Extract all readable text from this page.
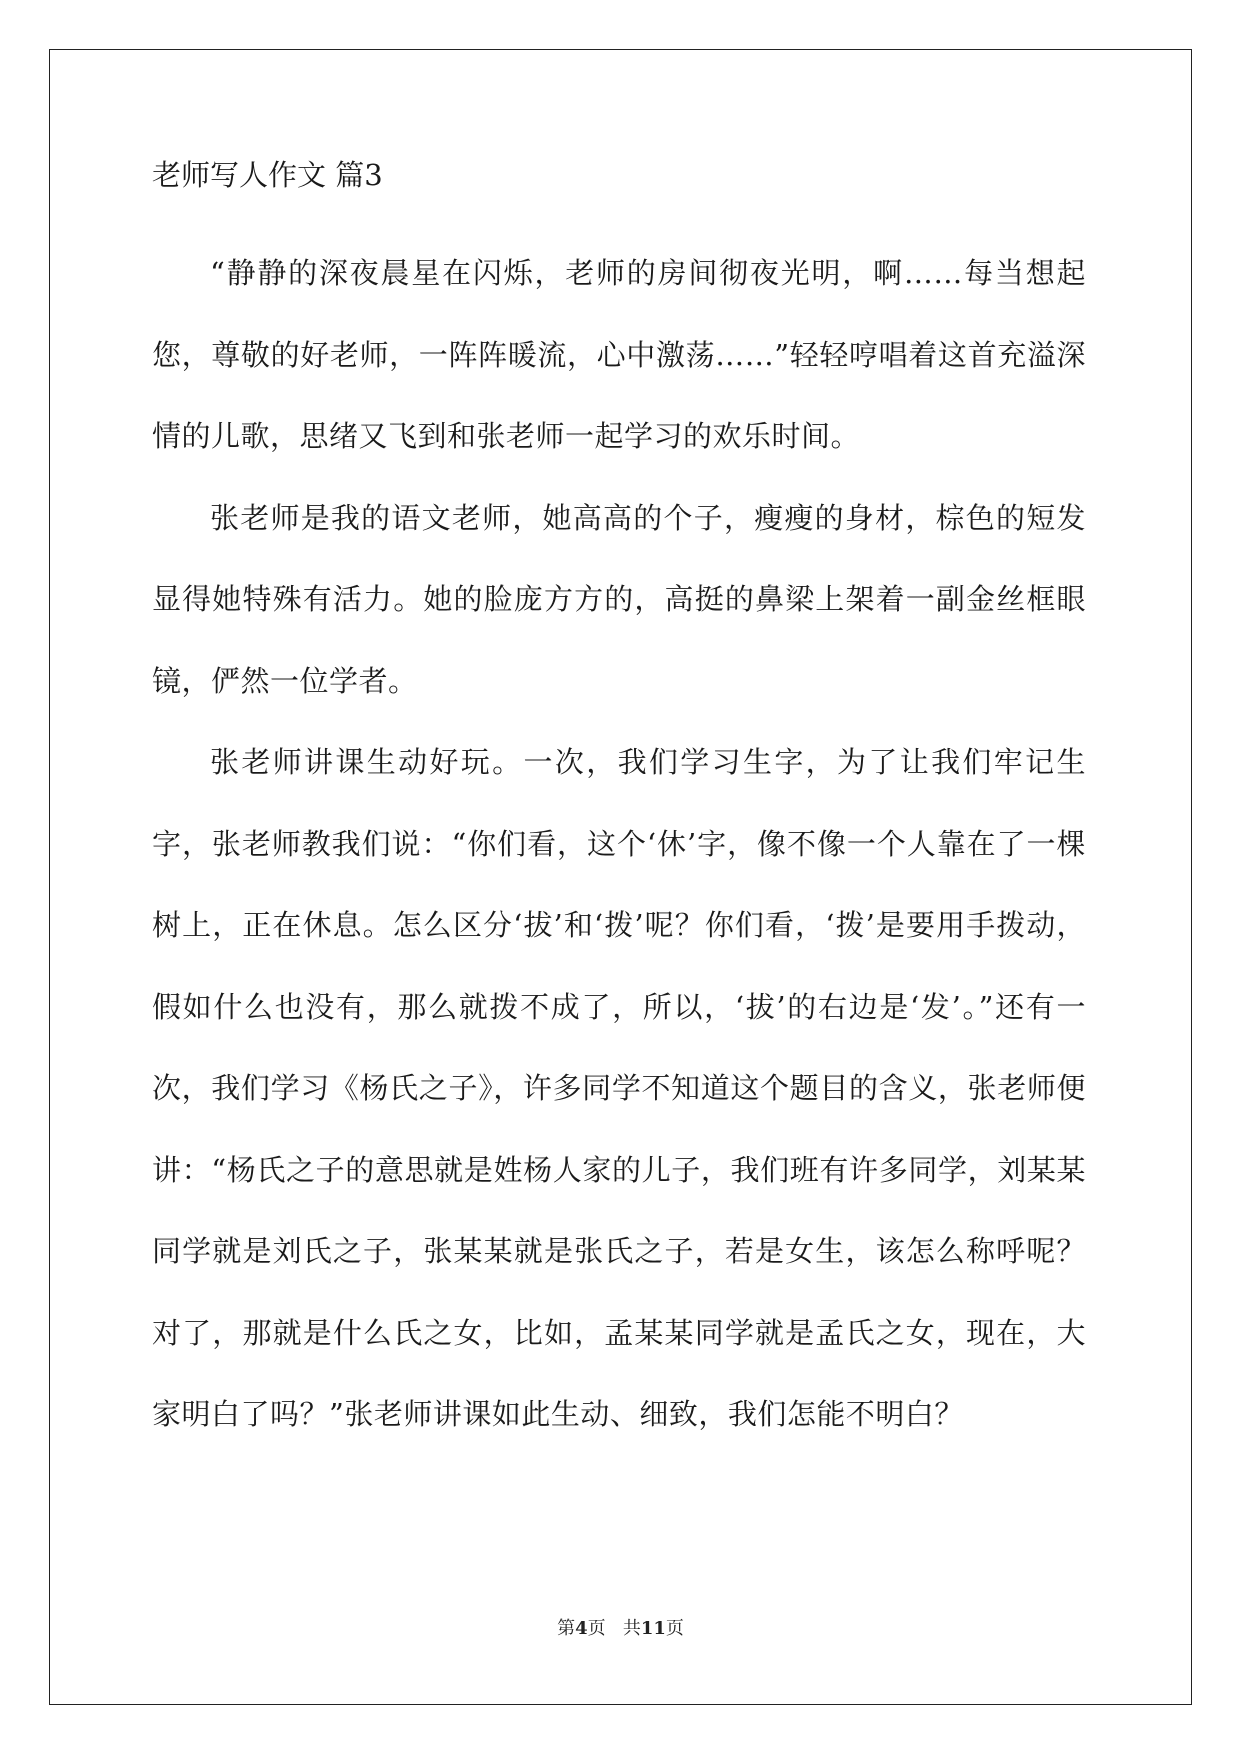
老师写人作文 篇3

“静静的深夜晨星在闪烁，老师的房间彻夜光明，啊……每当想起您，尊敬的好老师，一阵阵暖流，心中激荡……”轻轻哼唱着这首充溢深情的儿歌，思绪又飞到和张老师一起学习的欢乐时间。

张老师是我的语文老师，她高高的个子，瘦瘦的身材，棕色的短发显得她特殊有活力。她的脸庞方方的，高挺的鼻梁上架着一副金丝框眼镜，俨然一位学者。

张老师讲课生动好玩。一次，我们学习生字，为了让我们牢记生字，张老师教我们说：“你们看，这个‘休’字，像不像一个人靠在了一棵树上，正在休息。怎么区分‘拔’和‘拨’呢？你们看，‘拨’是要用手拨动，假如什么也没有，那么就拨不成了，所以，‘拔’的右边是‘发’。”还有一次，我们学习《杨氏之子》，许多同学不知道这个题目的含义，张老师便讲：“杨氏之子的意思就是姓杨人家的儿子，我们班有许多同学，刘某某同学就是刘氏之子，张某某就是张氏之子，若是女生，该怎么称呼呢？对了，那就是什么氏之女，比如，孟某某同学就是孟氏之女，现在，大家明白了吗？”张老师讲课如此生动、细致，我们怎能不明白？

第4页 共11页
